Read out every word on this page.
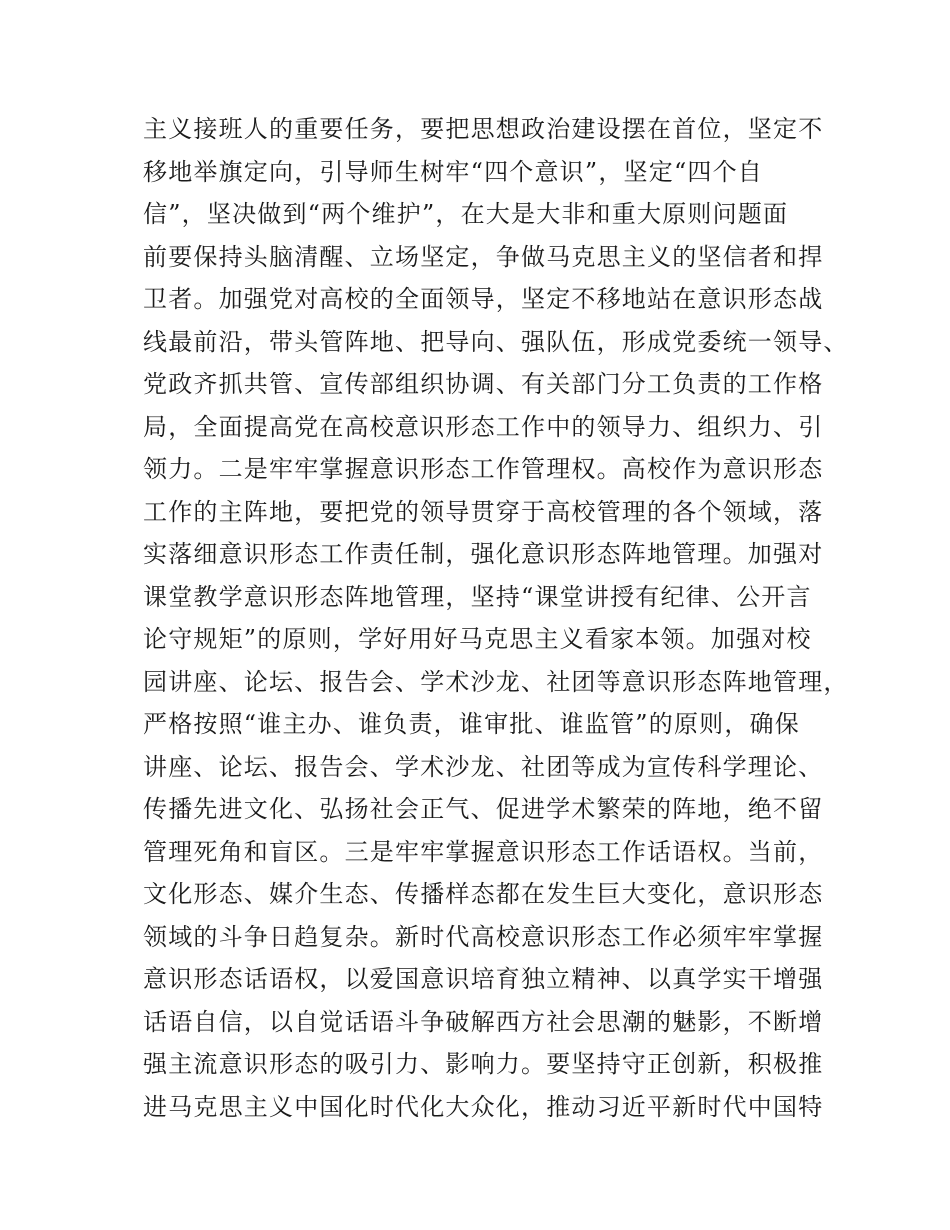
主义接班人的重要任务，要把思想政治建设摆在首位，坚定不
移地举旗定向，引导师生树牢“四个意识”，坚定“四个自
信”，坚决做到“两个维护”，在大是大非和重大原则问题面
前要保持头脑清醒、立场坚定，争做马克思主义的坚信者和捍
卫者。加强党对高校的全面领导，坚定不移地站在意识形态战
线最前沿，带头管阵地、把导向、强队伍，形成党委统一领导、
党政齐抓共管、宣传部组织协调、有关部门分工负责的工作格
局，全面提高党在高校意识形态工作中的领导力、组织力、引
领力。二是牢牢掌握意识形态工作管理权。高校作为意识形态
工作的主阵地，要把党的领导贯穿于高校管理的各个领域，落
实落细意识形态工作责任制，强化意识形态阵地管理。加强对
课堂教学意识形态阵地管理，坚持“课堂讲授有纪律、公开言
论守规矩”的原则，学好用好马克思主义看家本领。加强对校
园讲座、论坛、报告会、学术沙龙、社团等意识形态阵地管理，
严格按照“谁主办、谁负责，谁审批、谁监管”的原则，确保
讲座、论坛、报告会、学术沙龙、社团等成为宣传科学理论、
传播先进文化、弘扬社会正气、促进学术繁荣的阵地，绝不留
管理死角和盲区。三是牢牢掌握意识形态工作话语权。当前，
文化形态、媒介生态、传播样态都在发生巨大变化，意识形态
领域的斗争日趋复杂。新时代高校意识形态工作必须牢牢掌握
意识形态话语权，以爱国意识培育独立精神、以真学实干增强
话语自信，以自觉话语斗争破解西方社会思潮的魅影，不断增
强主流意识形态的吸引力、影响力。要坚持守正创新，积极推
进马克思主义中国化时代化大众化，推动习近平新时代中国特
